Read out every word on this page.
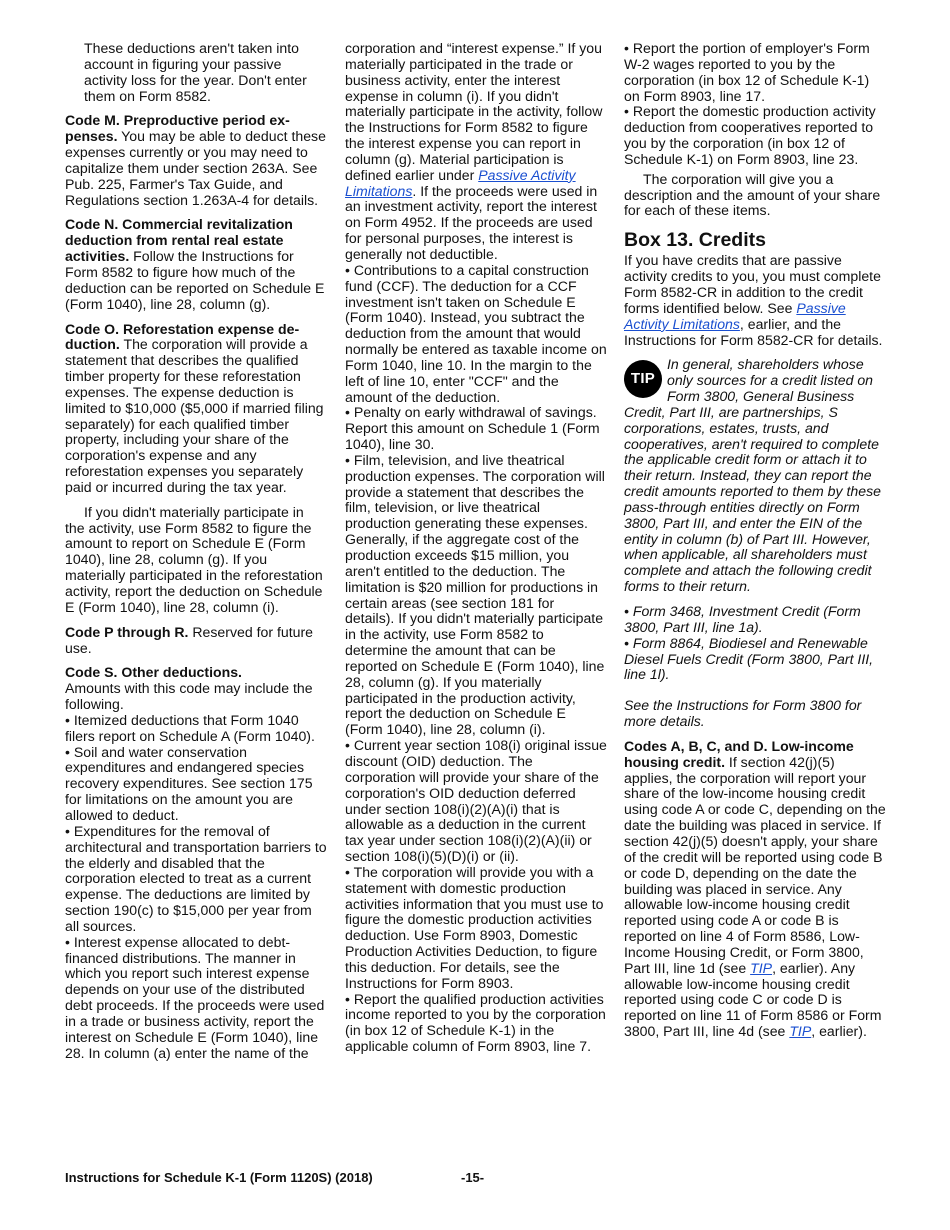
These deductions aren't taken into
account in figuring your passive
activity loss for the year. Don't enter
them on Form 8582.

Code M. Preproductive period ex-penses. You may be able to deduct these expenses currently or you may need to capitalize them under section 263A. See Pub. 225, Farmer's Tax Guide, and Regulations section 1.263A-4 for details.

Code N. Commercial revitalization deduction from rental real estate activities. Follow the Instructions for Form 8582 to figure how much of the deduction can be reported on Schedule E (Form 1040), line 28, column (g).

Code O. Reforestation expense de-duction. The corporation will provide a statement that describes the qualified timber property for these reforestation expenses. The expense deduction is limited to $10,000 ($5,000 if married filing separately) for each qualified timber property, including your share of the corporation's expense and any reforestation expenses you separately paid or incurred during the tax year.

If you didn't materially participate in the activity, use Form 8582 to figure the amount to report on Schedule E (Form 1040), line 28, column (g). If you materially participated in the reforestation activity, report the deduction on Schedule E (Form 1040), line 28, column (i).

Code P through R. Reserved for future use.

Code S. Other deductions.
Amounts with this code may include the following.

• Itemized deductions that Form 1040 filers report on Schedule A (Form 1040).
• Soil and water conservation expenditures and endangered species recovery expenditures. See section 175 for limitations on the amount you are allowed to deduct.
• Expenditures for the removal of architectural and transportation barriers to the elderly and disabled that the corporation elected to treat as a current expense. The deductions are limited by section 190(c) to $15,000 per year from all sources.
• Interest expense allocated to debt-financed distributions. The manner in which you report such interest expense depends on your use of the distributed debt proceeds. If the proceeds were used in a trade or business activity, report the interest on Schedule E (Form 1040), line 28. In column (a) enter the name of the
corporation and “interest expense.” If you materially participated in the trade or business activity, enter the interest expense in column (i). If you didn't materially participate in the activity, follow the Instructions for Form 8582 to figure the interest expense you can report in column (g). Material participation is defined earlier under Passive Activity Limitations. If the proceeds were used in an investment activity, report the interest on Form 4952. If the proceeds are used for personal purposes, the interest is generally not deductible.
• Contributions to a capital construction fund (CCF). The deduction for a CCF investment isn't taken on Schedule E (Form 1040). Instead, you subtract the deduction from the amount that would normally be entered as taxable income on Form 1040, line 10. In the margin to the left of line 10, enter "CCF" and the amount of the deduction.
• Penalty on early withdrawal of savings. Report this amount on Schedule 1 (Form 1040), line 30.
• Film, television, and live theatrical production expenses. The corporation will provide a statement that describes the film, television, or live theatrical production generating these expenses. Generally, if the aggregate cost of the production exceeds $15 million, you aren't entitled to the deduction. The limitation is $20 million for productions in certain areas (see section 181 for details). If you didn't materially participate in the activity, use Form 8582 to determine the amount that can be reported on Schedule E (Form 1040), line 28, column (g). If you materially participated in the production activity, report the deduction on Schedule E (Form 1040), line 28, column (i).
• Current year section 108(i) original issue discount (OID) deduction. The corporation will provide your share of the corporation's OID deduction deferred under section 108(i)(2)(A)(i) that is allowable as a deduction in the current tax year under section 108(i)(2)(A)(ii) or section 108(i)(5)(D)(i) or (ii).
• The corporation will provide you with a statement with domestic production activities information that you must use to figure the domestic production activities deduction. Use Form 8903, Domestic Production Activities Deduction, to figure this deduction. For details, see the Instructions for Form 8903.
• Report the qualified production activities income reported to you by the corporation (in box 12 of Schedule K-1) in the applicable column of Form 8903, line 7.
• Report the portion of employer's Form W-2 wages reported to you by the corporation (in box 12 of Schedule K-1) on Form 8903, line 17.
• Report the domestic production activity deduction from cooperatives reported to you by the corporation (in box 12 of Schedule K-1) on Form 8903, line 23.

The corporation will give you a description and the amount of your share for each of these items.

Box 13. Credits

If you have credits that are passive activity credits to you, you must complete Form 8582-CR in addition to the credit forms identified below. See Passive Activity Limitations, earlier, and the Instructions for Form 8582-CR for details.

TIP
In general, shareholders whose only sources for a credit listed on Form 3800, General Business Credit, Part III, are partnerships, S corporations, estates, trusts, and cooperatives, aren't required to complete the applicable credit form or attach it to their return. Instead, they can report the credit amounts reported to them by these pass-through entities directly on Form 3800, Part III, and enter the EIN of the entity in column (b) of Part III. However, when applicable, all shareholders must complete and attach the following credit forms to their return.
• Form 3468, Investment Credit (Form 3800, Part III, line 1a).
• Form 8864, Biodiesel and Renewable Diesel Fuels Credit (Form 3800, Part III, line 1l).

See the Instructions for Form 3800 for more details.

Codes A, B, C, and D. Low-income housing credit. If section 42(j)(5) applies, the corporation will report your share of the low-income housing credit using code A or code C, depending on the date the building was placed in service. If section 42(j)(5) doesn't apply, your share of the credit will be reported using code B or code D, depending on the date the building was placed in service. Any allowable low-income housing credit reported using code A or code B is reported on line 4 of Form 8586, Low-Income Housing Credit, or Form 3800, Part III, line 1d (see TIP, earlier). Any allowable low-income housing credit reported using code C or code D is reported on line 11 of Form 8586 or Form 3800, Part III, line 4d (see TIP, earlier).

Instructions for Schedule K-1 (Form 1120S) (2018)	-15-
